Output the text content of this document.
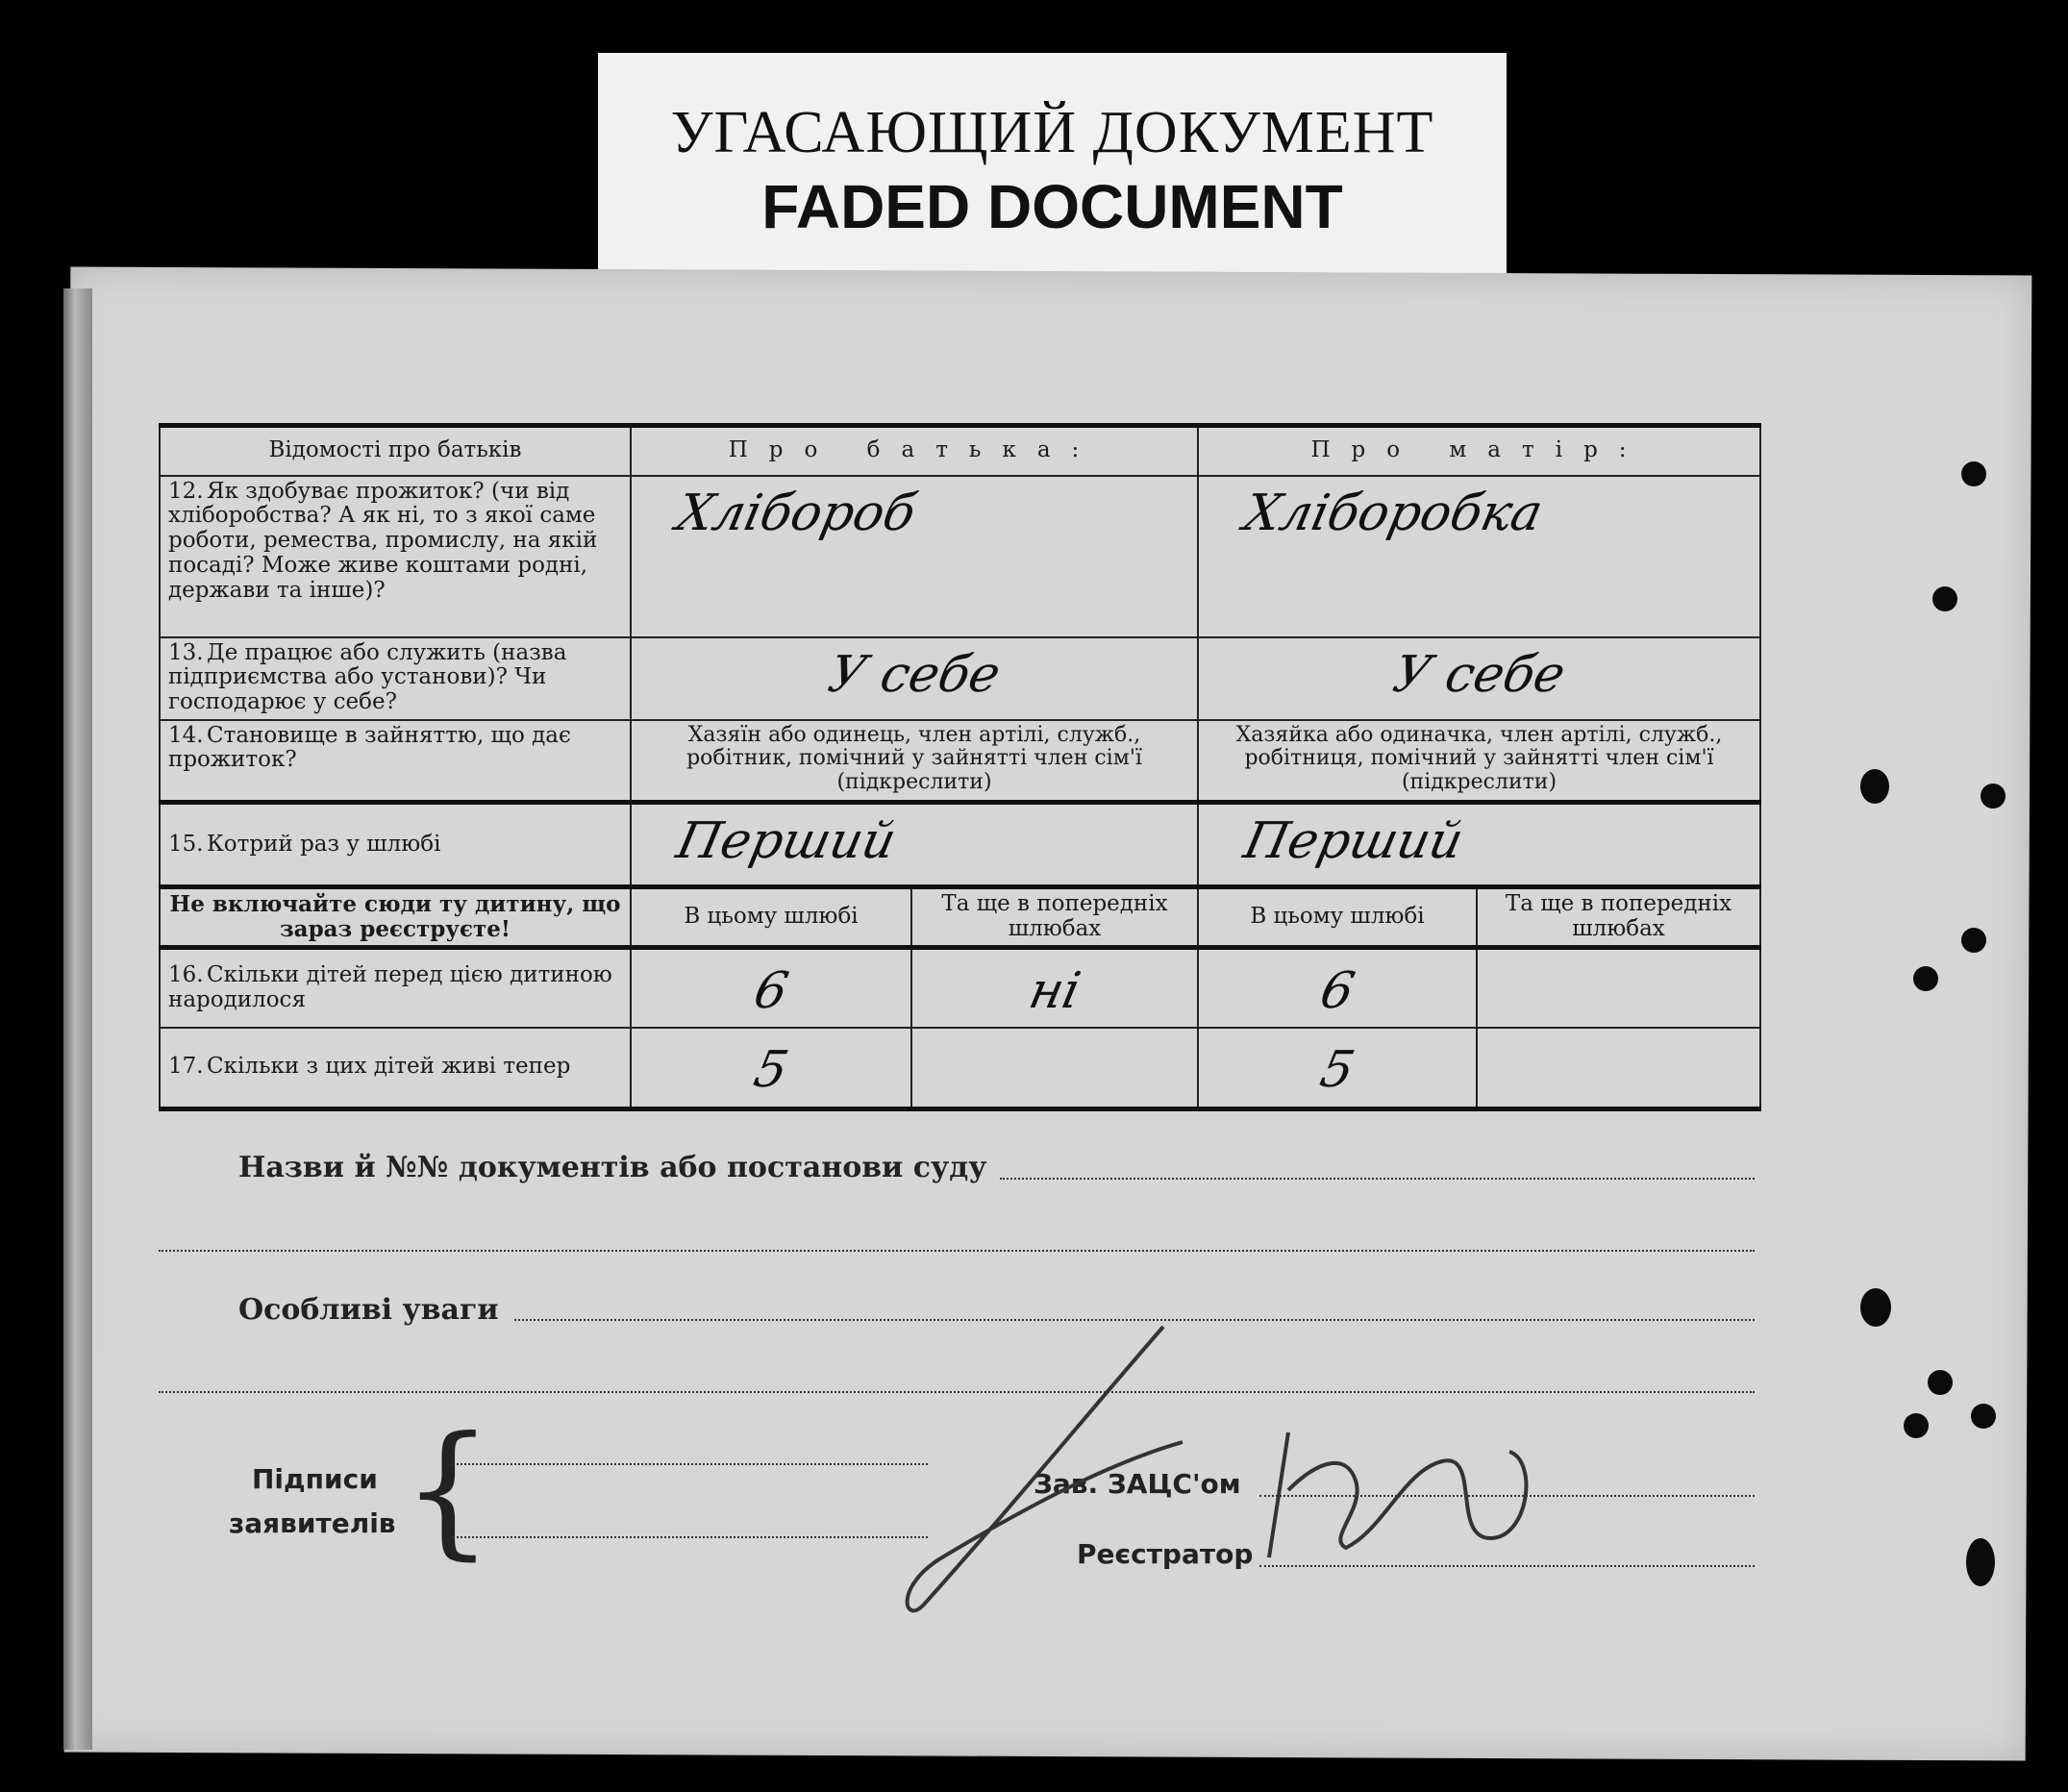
УГАСАЮЩИЙ ДОКУМЕНТ
FADED DOCUMENT
Відомості про батьків	Про батька:		Про матір:	
12. Як здобуває прожиток? (чи від хліборобства? А як ні, то з якої саме роботи, ремества, промислу, на якій посаді? Може живе коштами родні, держави та інше)?	Хлібороб		Хліборобка	

13. Де працює або служить (назва підприємства або установи)? Чи господарює у себе?	У себе		У себе	

14. Становище в зайняттю, що дає прожиток?	Хазяїн або одинець, член артілі, служб., робітник, помічний у зайнятті член сім'ї (підкреслити)		Хазяйка або одиначка, член артілі, служб., робітниця, помічний у зайнятті член сім'ї (підкреслити)	
15. Котрий раз у шлюбі	Перший		Перший	

Не включайте сюди ту дитину, що зараз реєструєте!	В цьому шлюбі	Та ще в попередніх шлюбах	В цьому шлюбі	Та ще в попередніх шлюбах
16. Скільки дітей перед цією дитиною народилося	6	ні	6	

17. Скільки з цих дітей живі тепер	5		5	

Назви й №№ документів або постанови суду
Особливі уваги
Підписи
заявителів {	Зав. ЗАЦС'ом
Реєстратор
